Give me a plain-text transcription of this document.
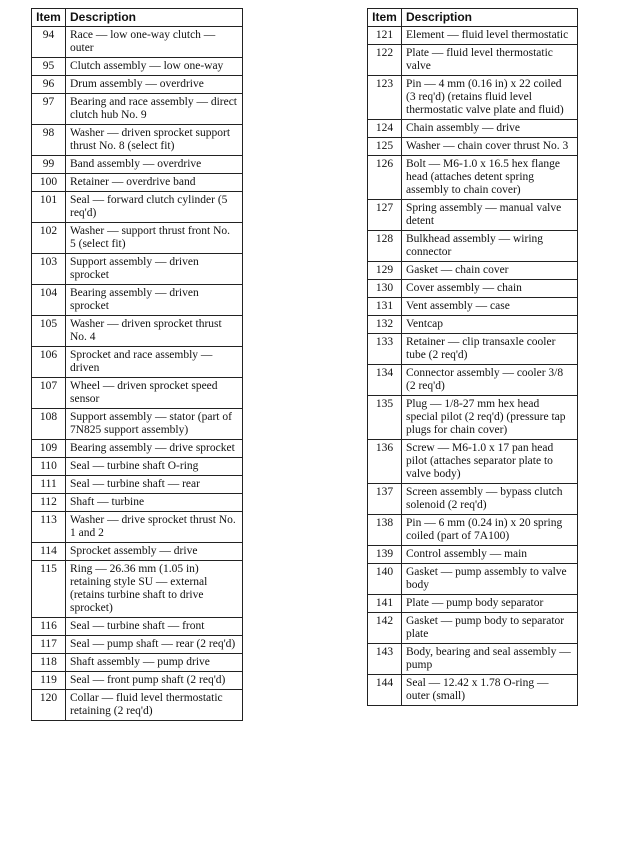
Item	Description
94	Race — low one-way clutch — outer
95	Clutch assembly — low one-way
96	Drum assembly — overdrive
97	Bearing and race assembly — direct clutch hub No. 9
98	Washer — driven sprocket support thrust No. 8 (select fit)
99	Band assembly — overdrive
100	Retainer — overdrive band
101	Seal — forward clutch cylinder (5 req'd)
102	Washer — support thrust front No. 5 (select fit)
103	Support assembly — driven sprocket
104	Bearing assembly — driven sprocket
105	Washer — driven sprocket thrust No. 4
106	Sprocket and race assembly — driven
107	Wheel — driven sprocket speed sensor
108	Support assembly — stator (part of 7N825 support assembly)
109	Bearing assembly — drive sprocket
110	Seal — turbine shaft O-ring
111	Seal — turbine shaft — rear
112	Shaft — turbine
113	Washer — drive sprocket thrust No. 1 and 2
114	Sprocket assembly — drive
115	Ring — 26.36 mm (1.05 in) retaining style SU — external (retains turbine shaft to drive sprocket)
116	Seal — turbine shaft — front
117	Seal — pump shaft — rear (2 req'd)
118	Shaft assembly — pump drive
119	Seal — front pump shaft (2 req'd)
120	Collar — fluid level thermostatic retaining (2 req'd)
Item	Description
121	Element — fluid level thermostatic
122	Plate — fluid level thermostatic valve
123	Pin — 4 mm (0.16 in) x 22 coiled (3 req'd) (retains fluid level thermostatic valve plate and fluid)
124	Chain assembly — drive
125	Washer — chain cover thrust No. 3
126	Bolt — M6-1.0 x 16.5 hex flange head (attaches detent spring assembly to chain cover)
127	Spring assembly — manual valve detent
128	Bulkhead assembly — wiring connector
129	Gasket — chain cover
130	Cover assembly — chain
131	Vent assembly — case
132	Ventcap
133	Retainer — clip transaxle cooler tube (2 req'd)
134	Connector assembly — cooler 3/8 (2 req'd)
135	Plug — 1/8-27 mm hex head special pilot (2 req'd) (pressure tap plugs for chain cover)
136	Screw — M6-1.0 x 17 pan head pilot (attaches separator plate to valve body)
137	Screen assembly — bypass clutch solenoid (2 req'd)
138	Pin — 6 mm (0.24 in) x 20 spring coiled (part of 7A100)
139	Control assembly — main
140	Gasket — pump assembly to valve body
141	Plate — pump body separator
142	Gasket — pump body to separator plate
143	Body, bearing and seal assembly — pump
144	Seal — 12.42 x 1.78 O-ring — outer (small)
